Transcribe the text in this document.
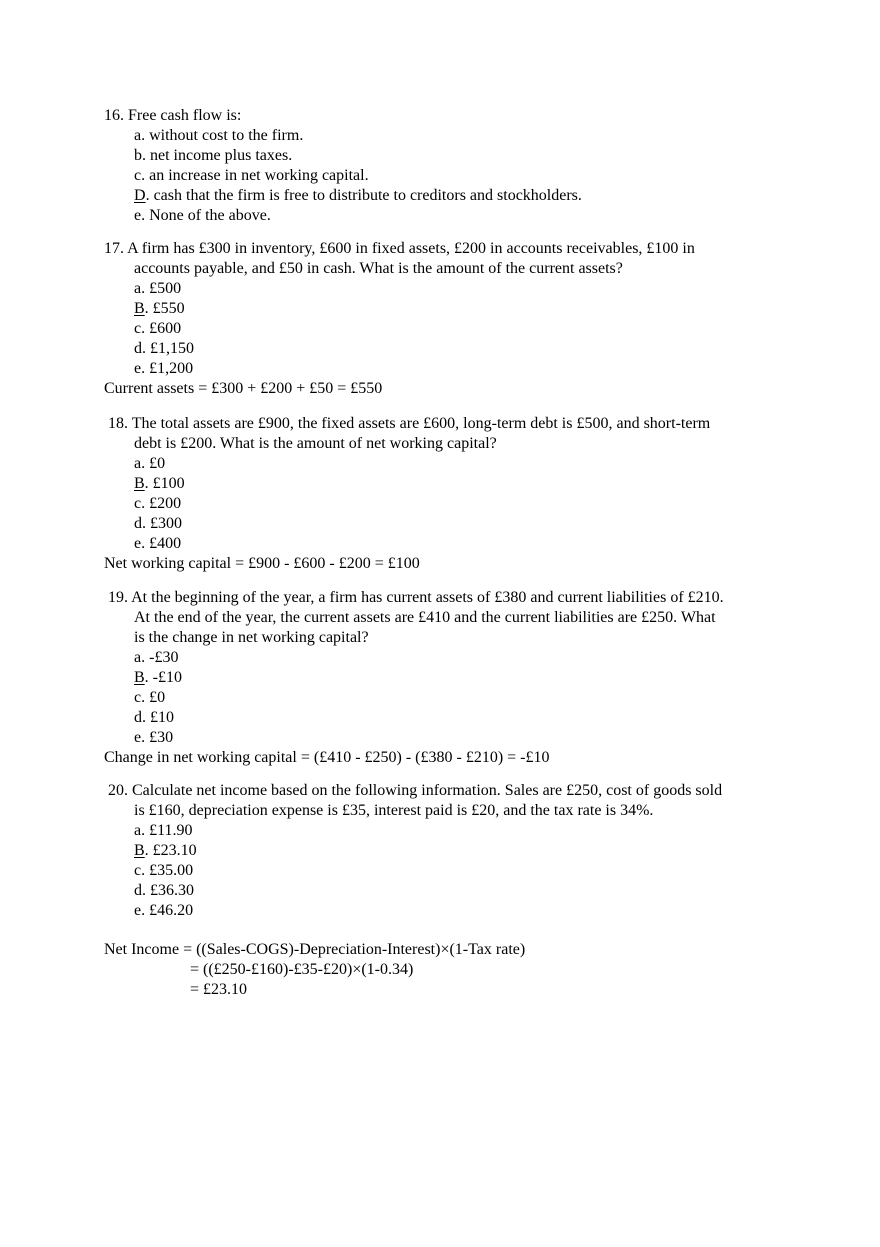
16. Free cash flow is:

a. without cost to the firm.
b. net income plus taxes.
c. an increase in net working capital.
D. cash that the firm is free to distribute to creditors and stockholders.
e. None of the above.

17. A firm has £300 in inventory, £600 in fixed assets, £200 in accounts receivables, £100 in
accounts payable, and £50 in cash. What is the amount of the current assets?

a. £500
B. £550
c. £600
d. £1,150
e. £1,200

Current assets = £300 + £200 + £50 = £550

18. The total assets are £900, the fixed assets are £600, long-term debt is £500, and short-term
debt is £200. What is the amount of net working capital?

a. £0
B. £100
c. £200
d. £300
e. £400

Net working capital = £900 - £600 - £200 = £100

19. At the beginning of the year, a firm has current assets of £380 and current liabilities of £210.
At the end of the year, the current assets are £410 and the current liabilities are £250. What
is the change in net working capital?

a. -£30
B. -£10
c. £0
d. £10
e. £30

Change in net working capital = (£410 - £250) - (£380 - £210) = -£10

20. Calculate net income based on the following information. Sales are £250, cost of goods sold
is £160, depreciation expense is £35, interest paid is £20, and the tax rate is 34%.

a. £11.90
B. £23.10
c. £35.00
d. £36.30
e. £46.20

Net Income = ((Sales-COGS)-Depreciation-Interest)×(1-Tax rate)

= ((£250-£160)-£35-£20)×(1-0.34)

= £23.10
